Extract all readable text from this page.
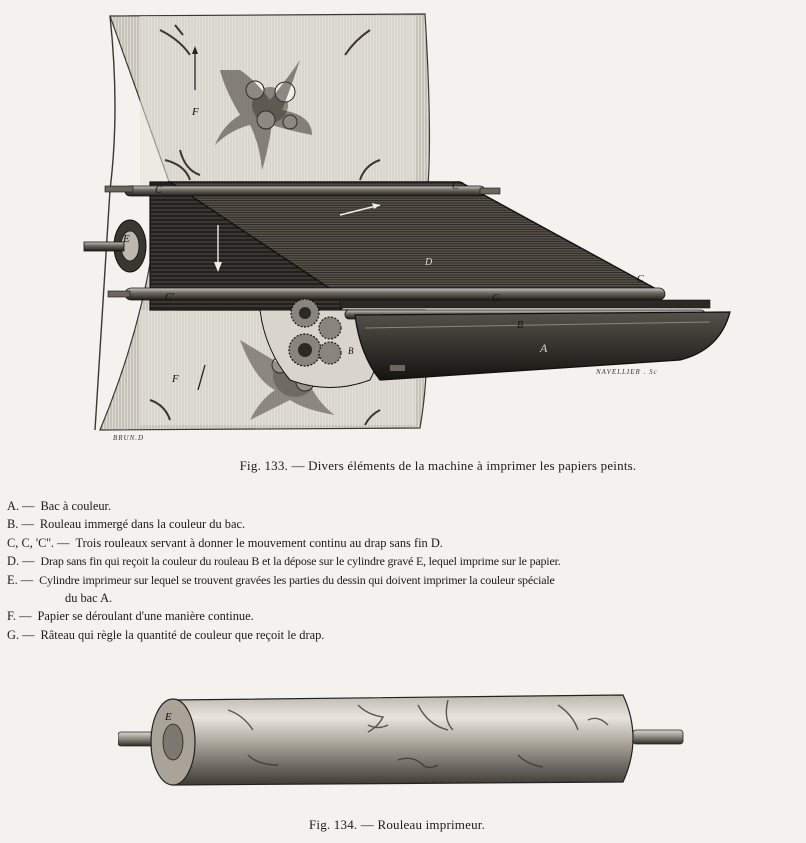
F
F
C	C''
E
D
C'	G
C
B
B	A
BRUN.D
NAVELLIER . Sc
Fig. 133. — Divers éléments de la machine à imprimer les papiers peints.
A. — Bac à couleur.
B. — Rouleau immergé dans la couleur du bac.
C, C, 'C''. — Trois rouleaux servant à donner le mouvement continu au drap sans fin D.
D. — Drap sans fin qui reçoit la couleur du rouleau B et la dépose sur le cylindre gravé E, lequel imprime sur le papier.
E. — Cylindre imprimeur sur lequel se trouvent gravées les parties du dessin qui doivent imprimer la couleur spéciale
du bac A.
F. — Papier se déroulant d'une manière continue.
G. — Râteau qui règle la quantité de couleur que reçoit le drap.
E
Fig. 134. — Rouleau imprimeur.
